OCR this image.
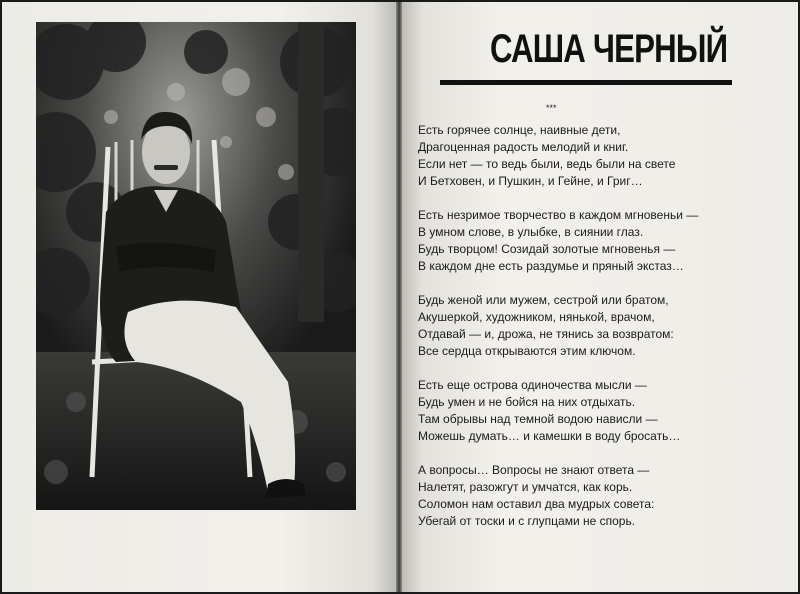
САША ЧЕРНЫЙ
***
Есть горячее солнце, наивные дети,
Драгоценная радость мелодий и книг.
Если нет — то ведь были, ведь были на свете
И Бетховен, и Пушкин, и Гейне, и Григ…
Есть незримое творчество в каждом мгновеньи —
В умном слове, в улыбке, в сиянии глаз.
Будь творцом! Созидай золотые мгновенья —
В каждом дне есть раздумье и пряный экстаз…
Будь женой или мужем, сестрой или братом,
Акушеркой, художником, нянькой, врачом,
Отдавай — и, дрожа, не тянись за возвратом:
Все сердца открываются этим ключом.
Есть еще острова одиночества мысли —
Будь умен и не бойся на них отдыхать.
Там обрывы над темной водою нависли —
Можешь думать… и камешки в воду бросать…
А вопросы… Вопросы не знают ответа —
Налетят, разожгут и умчатся, как корь.
Соломон нам оставил два мудрых совета:
Убегай от тоски и с глупцами не спорь.
